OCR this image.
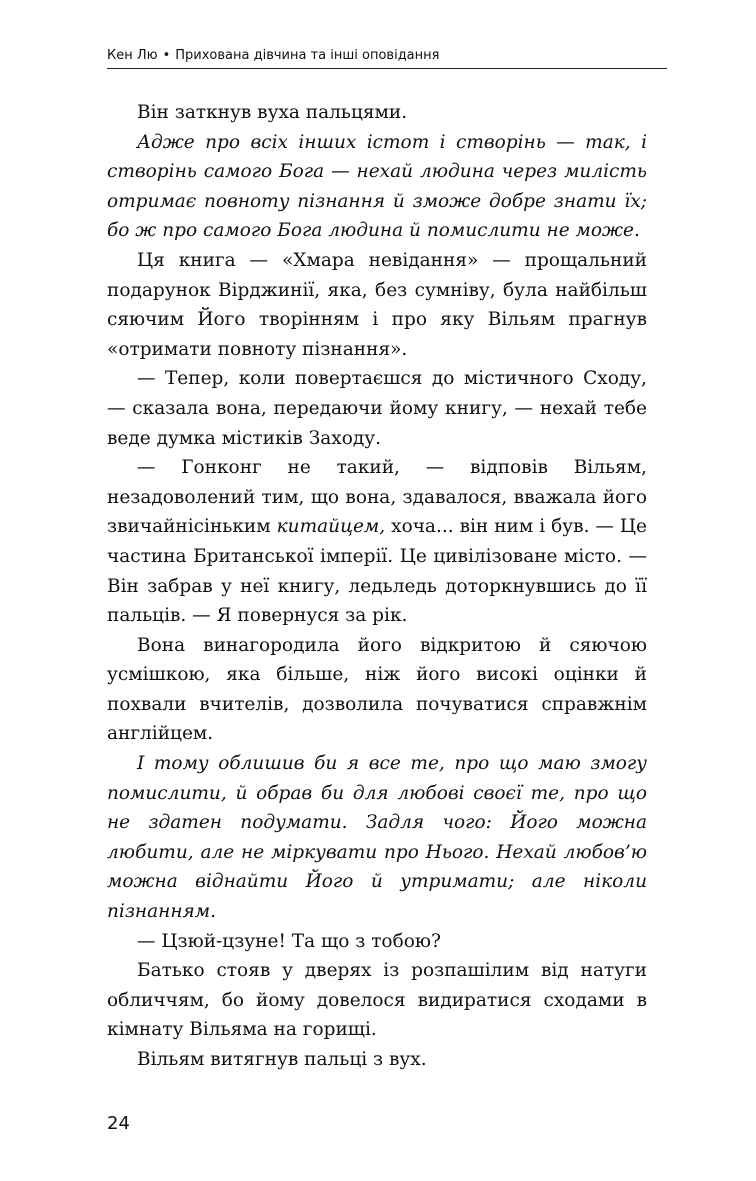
Кен Лю • Прихована дівчина та інші оповідання

Він заткнув вуха пальцями.

Адже про всіх інших істот і створінь — так, і створінь самого Бога — нехай людина через милість отримає повноту пізнання й зможе добре знати їх; бо ж про самого Бога людина й помислити не може.

Ця книга — «Хмара невідання» — прощальний подарунок Вірджинії, яка, без сумніву, була найбільш сяючим Його творінням і про яку Вільям прагнув «отримати повноту пізнання».

— Тепер, коли повертаєшся до містичного Сходу, — сказала вона, передаючи йому книгу, — нехай тебе веде думка містиків Заходу.

— Гонконг не такий, — відповів Вільям, незадоволений тим, що вона, здавалося, вважала його звичайнісіньким китайцем, хоча... він ним і був. — Це частина Британської імперії. Це цивілізоване місто. — Він забрав у неї книгу, ледьледь доторкнувшись до її пальців. — Я повернуся за рік.

Вона винагородила його відкритою й сяючою усмішкою, яка більше, ніж його високі оцінки й похвали вчителів, дозволила почуватися справжнім англійцем.

І тому облишив би я все те, про що маю змогу помислити, й обрав би для любові своєї те, про що не здатен подумати. Задля чого: Його можна любити, але не міркувати про Нього. Нехай любов’ю можна віднайти Його й утримати; але ніколи пізнанням.

— Цзюй-цзуне! Та що з тобою?

Батько стояв у дверях із розпашілим від натуги обличчям, бо йому довелося видиратися сходами в кімнату Вільяма на горищі.

Вільям витягнув пальці з вух.

24
